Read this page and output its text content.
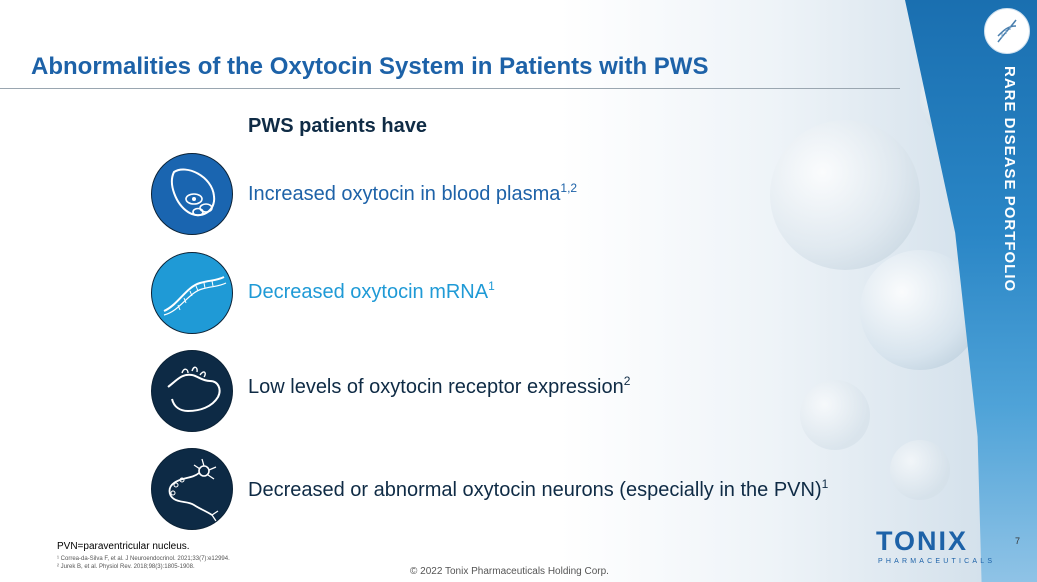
RARE DISEASE PORTFOLIO
Abnormalities of the Oxytocin System in Patients with PWS
PWS patients have
Increased oxytocin in blood plasma$^{1,2}$
Decreased oxytocin mRNA$^1$
Low levels of oxytocin receptor expression$^2$
Decreased or abnormal oxytocin neurons (especially in the PVN)$^1$
PVN=paraventricular nucleus.
¹ Correa-da-Silva F, et al. J Neuroendocrinol. 2021;33(7):e12994.
² Jurek B, et al. Physiol Rev. 2018;98(3):1805-1908.	© 2022 Tonix Pharmaceuticals Holding Corp.
7
TONIX
PHARMACEUTICALS
